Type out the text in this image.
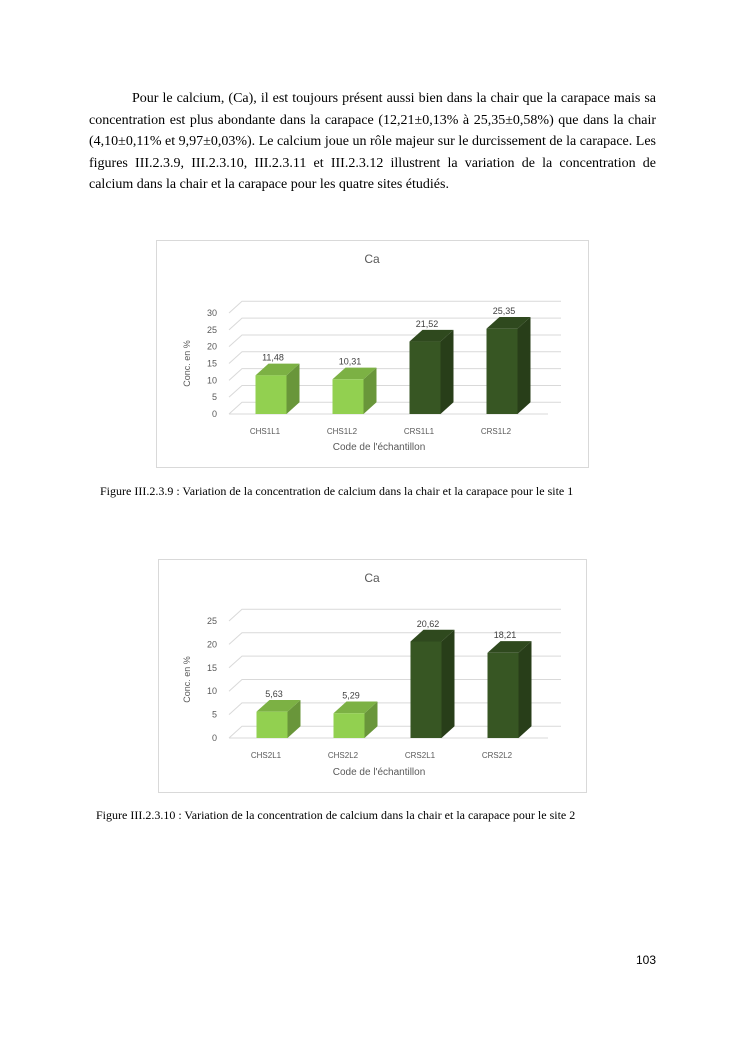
Pour le calcium, (Ca), il est toujours présent aussi bien dans la chair que la carapace mais sa concentration est plus abondante dans la carapace (12,21±0,13% à 25,35±0,58%) que dans la chair (4,10±0,11% et 9,97±0,03%). Le calcium joue un rôle majeur sur le durcissement de la carapace. Les figures III.2.3.9, III.2.3.10, III.2.3.11 et III.2.3.12 illustrent la variation de la concentration de calcium dans la chair et la carapace pour les quatre sites étudiés.

Ca
0
5
10
15
20
25
30
Conc. en %	11,48
CHS1L1
10,31
CHS1L2
21,52
CRS1L1
25,35
CRS1L2
Code de l'échantillon
Figure III.2.3.9 : Variation de la concentration de calcium dans la chair et la carapace pour le site 1
Ca
0
5
10
15
20
25
Conc. en %	5,63
CHS2L1
5,29
CHS2L2
20,62
CRS2L1
18,21
CRS2L2
Code de l'échantillon
Figure III.2.3.10 : Variation de la concentration de calcium dans la chair et la carapace pour le site 2
103
